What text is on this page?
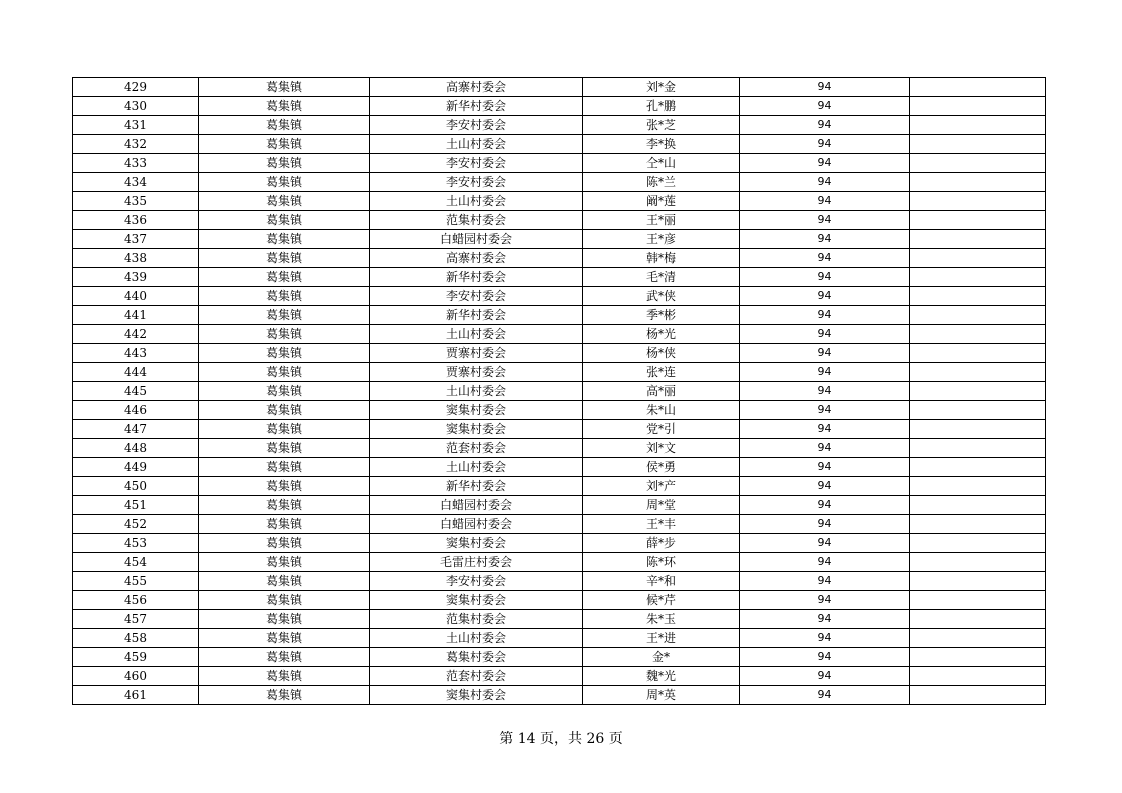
429	葛集镇	高寨村委会	刘*金	94	
430	葛集镇	新华村委会	孔*鹏	94	
431	葛集镇	李安村委会	张*芝	94	
432	葛集镇	土山村委会	李*换	94	
433	葛集镇	李安村委会	仝*山	94	
434	葛集镇	李安村委会	陈*兰	94	
435	葛集镇	土山村委会	阚*莲	94	
436	葛集镇	范集村委会	王*丽	94	
437	葛集镇	白蜡园村委会	王*彦	94	
438	葛集镇	高寨村委会	韩*梅	94	
439	葛集镇	新华村委会	毛*清	94	
440	葛集镇	李安村委会	武*侠	94	
441	葛集镇	新华村委会	季*彬	94	
442	葛集镇	土山村委会	杨*光	94	
443	葛集镇	贾寨村委会	杨*侠	94	
444	葛集镇	贾寨村委会	张*连	94	
445	葛集镇	土山村委会	高*丽	94	
446	葛集镇	窦集村委会	朱*山	94	
447	葛集镇	窦集村委会	党*引	94	
448	葛集镇	范套村委会	刘*文	94	
449	葛集镇	土山村委会	侯*勇	94	
450	葛集镇	新华村委会	刘*产	94	
451	葛集镇	白蜡园村委会	周*堂	94	
452	葛集镇	白蜡园村委会	王*丰	94	
453	葛集镇	窦集村委会	薛*步	94	
454	葛集镇	毛雷庄村委会	陈*环	94	
455	葛集镇	李安村委会	辛*和	94	
456	葛集镇	窦集村委会	候*芹	94	
457	葛集镇	范集村委会	朱*玉	94	
458	葛集镇	土山村委会	王*进	94	
459	葛集镇	葛集村委会	金*	94	
460	葛集镇	范套村委会	魏*光	94	
461	葛集镇	窦集村委会	周*英	94	
第 14 页，共 26 页
